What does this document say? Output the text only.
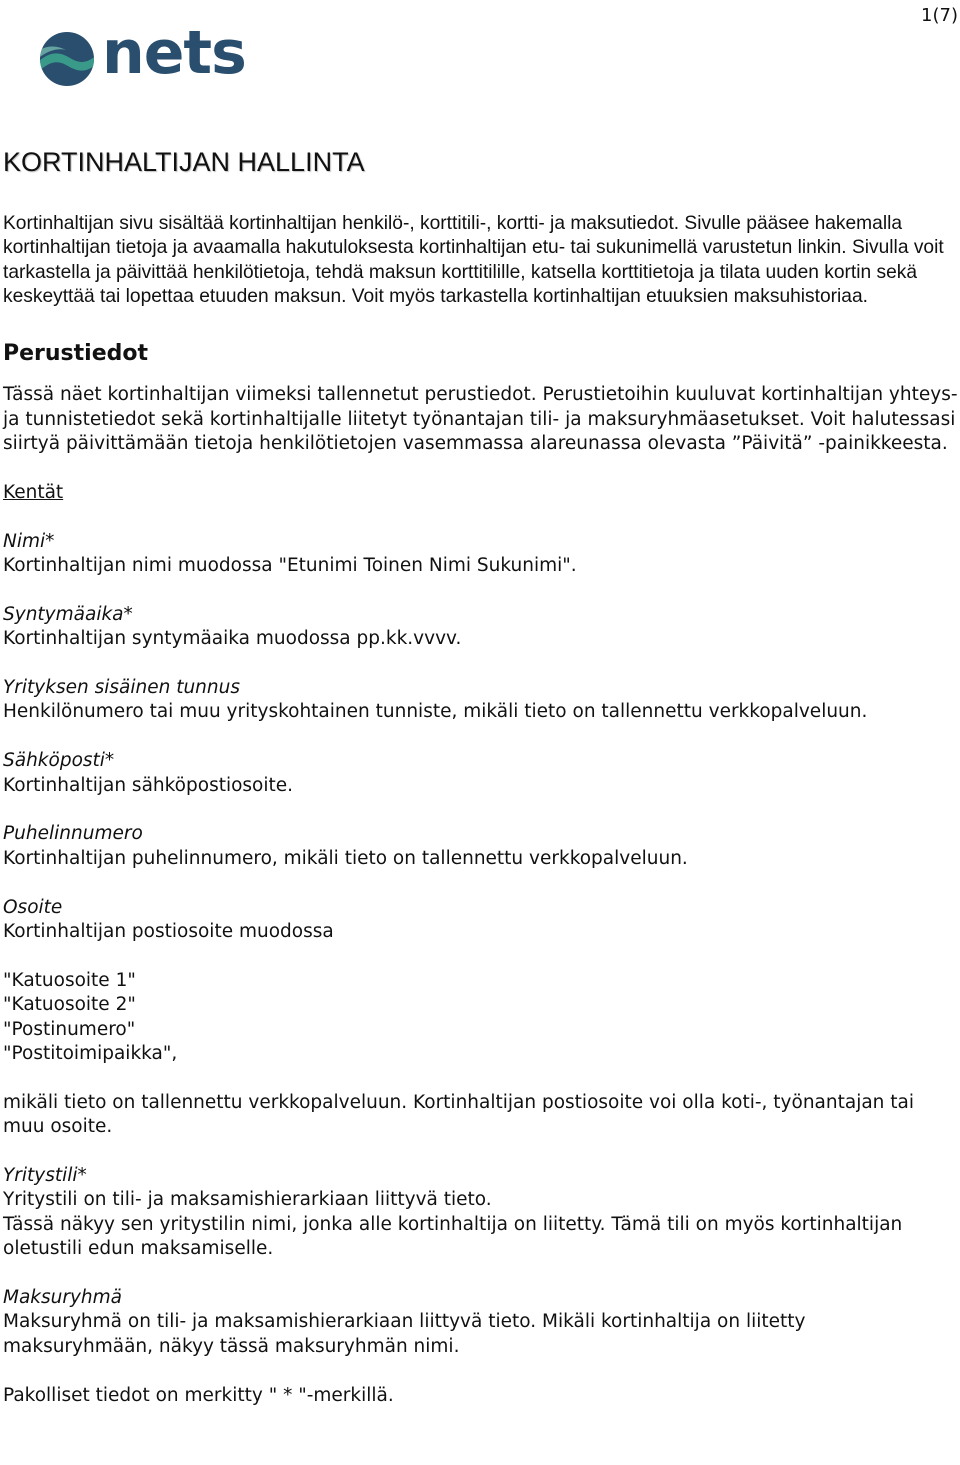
1(7)
nets
KORTINHALTIJAN HALLINTA

Kortinhaltijan sivu sisältää kortinhaltijan henkilö-, korttitili-, kortti- ja maksutiedot. Sivulle pääsee hakemalla kortinhaltijan tietoja ja avaamalla hakutuloksesta kortinhaltijan etu- tai sukunimellä varustetun linkin. Sivulla voit tarkastella ja päivittää henkilötietoja, tehdä maksun korttitilille, katsella korttitietoja ja tilata uuden kortin sekä keskeyttää tai lopettaa etuuden maksun. Voit myös tarkastella kortinhaltijan etuuksien maksuhistoriaa.

Perustiedot

Tässä näet kortinhaltijan viimeksi tallennetut perustiedot. Perustietoihin kuuluvat kortinhaltijan yhteys- ja tunnistetiedot sekä kortinhaltijalle liitetyt työnantajan tili- ja maksuryhmäasetukset. Voit halutessasi siirtyä päivittämään tietoja henkilötietojen vasemmassa alareunassa olevasta ”Päivitä” -painikkeesta.

Kentät

Nimi*

Kortinhaltijan nimi muodossa "Etunimi Toinen Nimi Sukunimi".

Syntymäaika*

Kortinhaltijan syntymäaika muodossa pp.kk.vvvv.

Yrityksen sisäinen tunnus

Henkilönumero tai muu yrityskohtainen tunniste, mikäli tieto on tallennettu verkkopalveluun.

Sähköposti*

Kortinhaltijan sähköpostiosoite.

Puhelinnumero

Kortinhaltijan puhelinnumero, mikäli tieto on tallennettu verkkopalveluun.

Osoite

Kortinhaltijan postiosoite muodossa

"Katuosoite 1"
"Katuosoite 2"
"Postinumero"
"Postitoimipaikka",

mikäli tieto on tallennettu verkkopalveluun. Kortinhaltijan postiosoite voi olla koti-, työnantajan tai muu osoite.

Yritystili*

Yritystili on tili- ja maksamishierarkiaan liittyvä tieto.

Tässä näkyy sen yritystilin nimi, jonka alle kortinhaltija on liitetty. Tämä tili on myös kortinhaltijan oletustili edun maksamiselle.

Maksuryhmä

Maksuryhmä on tili- ja maksamishierarkiaan liittyvä tieto. Mikäli kortinhaltija on liitetty maksuryhmään, näkyy tässä maksuryhmän nimi.

Pakolliset tiedot on merkitty " * "-merkillä.
